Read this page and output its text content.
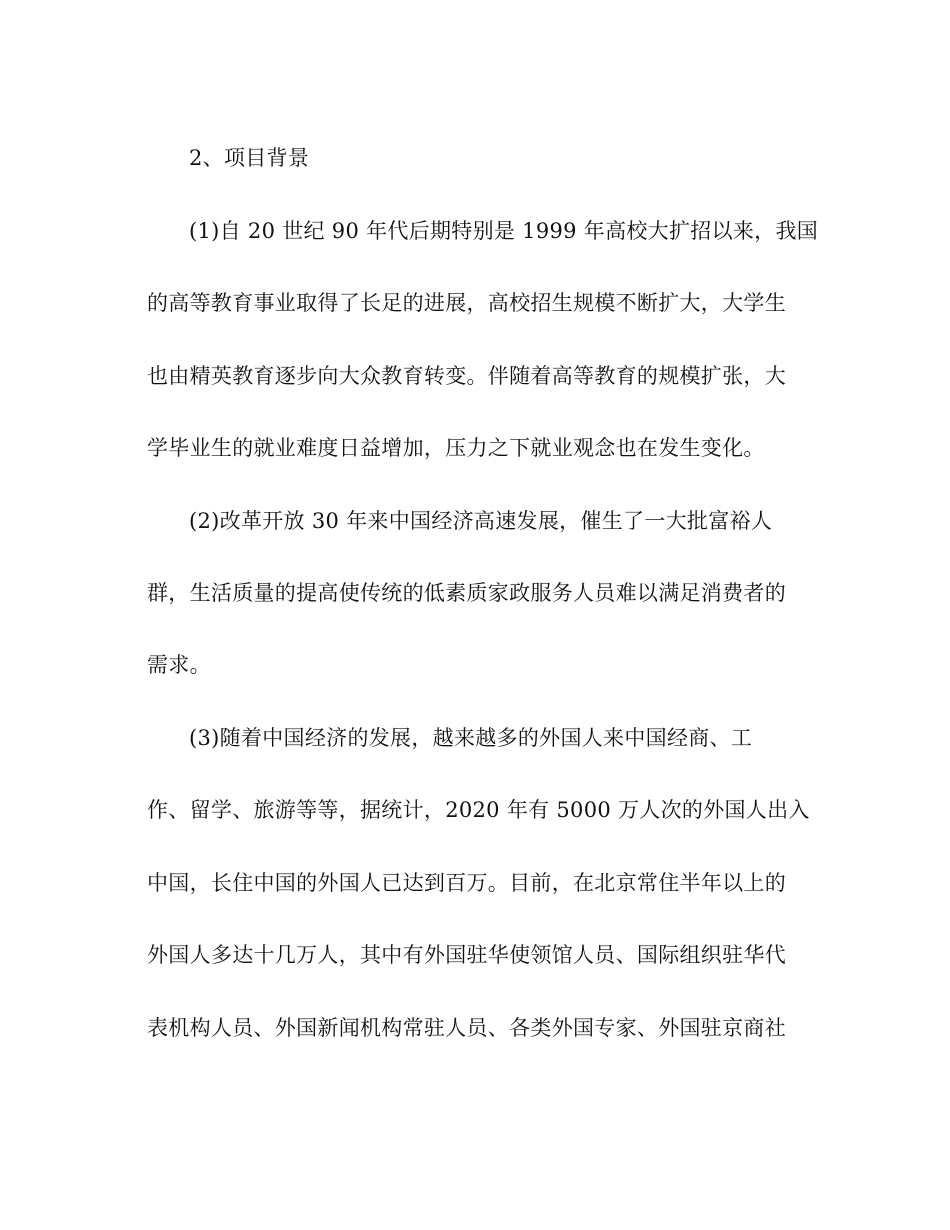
2、项目背景
(1)自 20 世纪 90 年代后期特别是 1999 年高校大扩招以来，我国
的高等教育事业取得了长足的进展，高校招生规模不断扩大，大学生
也由精英教育逐步向大众教育转变。伴随着高等教育的规模扩张，大
学毕业生的就业难度日益增加，压力之下就业观念也在发生变化。
(2)改革开放 30 年来中国经济高速发展，催生了一大批富裕人
群，生活质量的提高使传统的低素质家政服务人员难以满足消费者的
需求。
(3)随着中国经济的发展，越来越多的外国人来中国经商、工
作、留学、旅游等等，据统计，2020 年有 5000 万人次的外国人出入
中国，长住中国的外国人已达到百万。目前，在北京常住半年以上的
外国人多达十几万人，其中有外国驻华使领馆人员、国际组织驻华代
表机构人员、外国新闻机构常驻人员、各类外国专家、外国驻京商社
